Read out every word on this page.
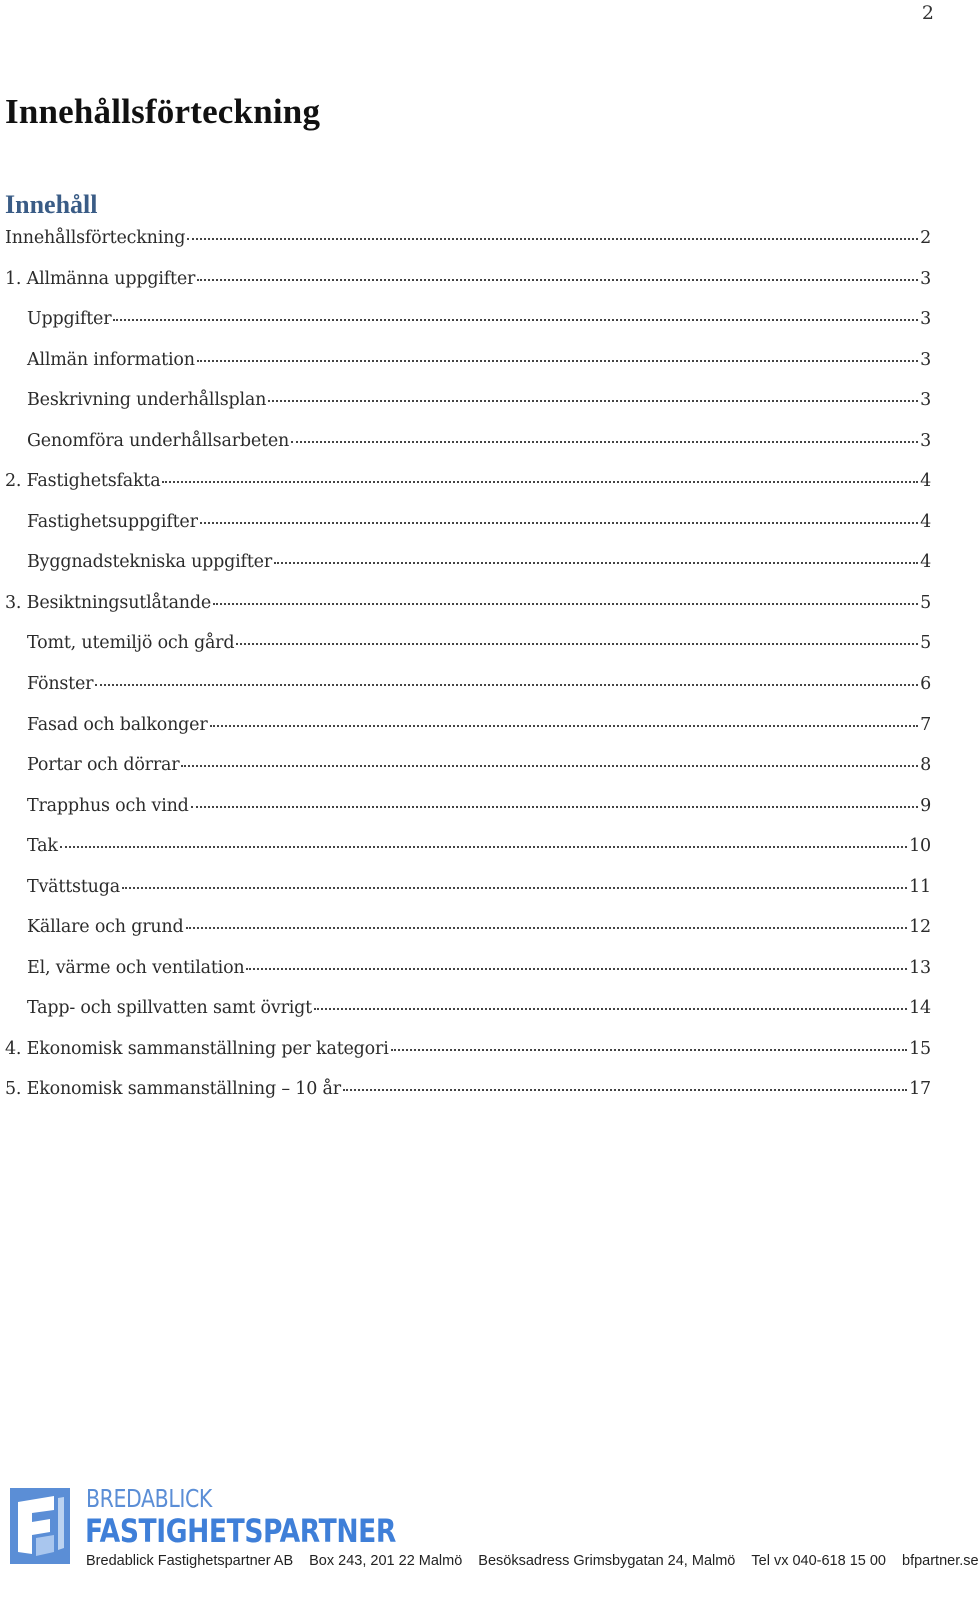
2
Innehållsförteckning
Innehåll
Innehållsförteckning	2
1. Allmänna uppgifter	3
Uppgifter	3
Allmän information	3
Beskrivning underhållsplan	3
Genomföra underhållsarbeten	3
2. Fastighetsfakta	4
Fastighetsuppgifter	4
Byggnadstekniska uppgifter	4
3. Besiktningsutlåtande	5
Tomt, utemiljö och gård	5
Fönster	6
Fasad och balkonger	7
Portar och dörrar	8
Trapphus och vind	9
Tak	10
Tvättstuga	11
Källare och grund	12
El, värme och ventilation	13
Tapp- och spillvatten samt övrigt	14
4. Ekonomisk sammanställning per kategori	15
5. Ekonomisk sammanställning – 10 år	17
BREDABLICK
FASTIGHETSPARTNER
Bredablick Fastighetspartner AB Box 243, 201 22 Malmö Besöksadress Grimsbygatan 24, Malmö Tel vx 040-618 15 00 bfpartner.se
